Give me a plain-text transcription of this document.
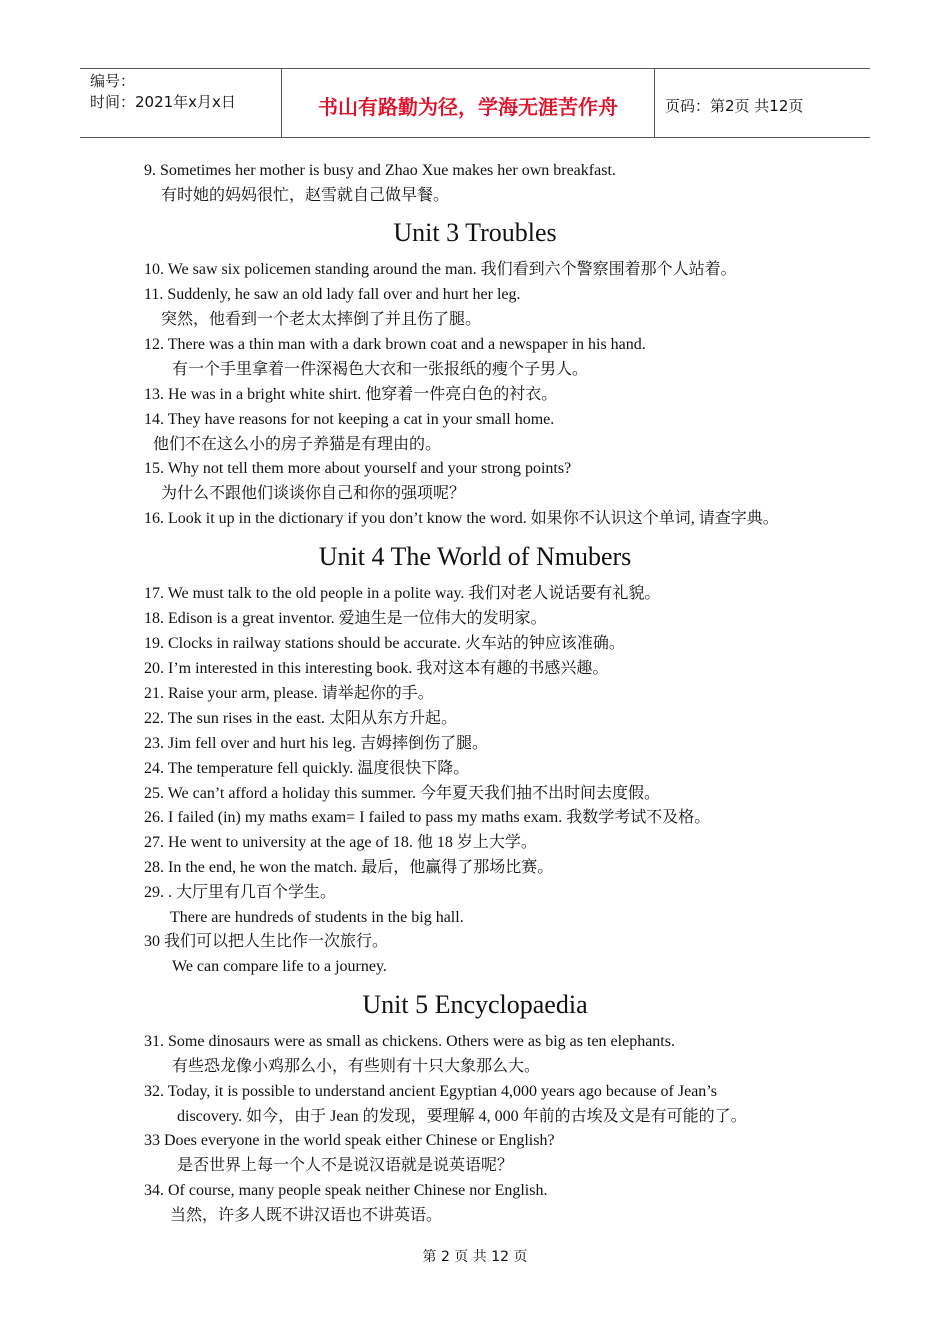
编号：
时间：2021年x月x日	书山有路勤为径，学海无涯苦作舟	页码：第2页 共12页
9. Sometimes her mother is busy and Zhao Xue makes her own breakfast.
有时她的妈妈很忙，赵雪就自己做早餐。
Unit 3 Troubles
10. We saw six policemen standing around the man. 我们看到六个警察围着那个人站着。
11. Suddenly, he saw an old lady fall over and hurt her leg.
突然，他看到一个老太太摔倒了并且伤了腿。
12. There was a thin man with a dark brown coat and a newspaper in his hand.
有一个手里拿着一件深褐色大衣和一张报纸的瘦个子男人。
13. He was in a bright white shirt. 他穿着一件亮白色的衬衣。
14. They have reasons for not keeping a cat in your small home.
他们不在这么小的房子养猫是有理由的。
15. Why not tell them more about yourself and your strong points?
为什么不跟他们谈谈你自己和你的强项呢？
16. Look it up in the dictionary if you don’t know the word. 如果你不认识这个单词, 请查字典。
Unit 4 The World of Nmubers
17. We must talk to the old people in a polite way. 我们对老人说话要有礼貌。
18. Edison is a great inventor. 爱迪生是一位伟大的发明家。
19. Clocks in railway stations should be accurate. 火车站的钟应该准确。
20. I’m interested in this interesting book. 我对这本有趣的书感兴趣。
21. Raise your arm, please. 请举起你的手。
22. The sun rises in the east. 太阳从东方升起。
23. Jim fell over and hurt his leg. 吉姆摔倒伤了腿。
24. The temperature fell quickly. 温度很快下降。
25. We can’t afford a holiday this summer. 今年夏天我们抽不出时间去度假。
26. I failed (in) my maths exam= I failed to pass my maths exam. 我数学考试不及格。
27. He went to university at the age of 18. 他 18 岁上大学。
28. In the end, he won the match. 最后，他赢得了那场比赛。
29. . 大厅里有几百个学生。
There are hundreds of students in the big hall.
30 我们可以把人生比作一次旅行。
We can compare life to a journey.
Unit 5 Encyclopaedia
31. Some dinosaurs were as small as chickens. Others were as big as ten elephants.
有些恐龙像小鸡那么小，有些则有十只大象那么大。
32. Today, it is possible to understand ancient Egyptian 4,000 years ago because of Jean’s
discovery. 如今，由于 Jean 的发现，要理解 4, 000 年前的古埃及文是有可能的了。
33 Does everyone in the world speak either Chinese or English?
是否世界上每一个人不是说汉语就是说英语呢？
34. Of course, many people speak neither Chinese nor English.
当然，许多人既不讲汉语也不讲英语。
第 2 页 共 12 页
